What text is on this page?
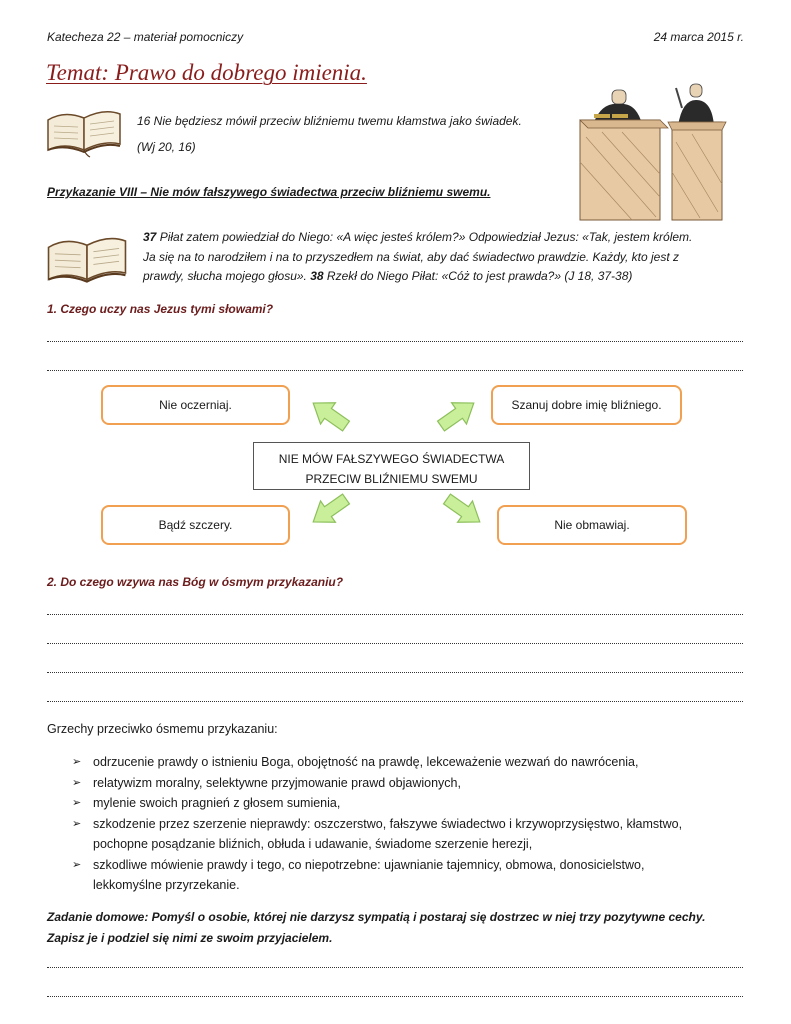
Katecheza 22 – materiał pomocniczy	24 marca 2015 r.
Temat: Prawo do dobrego imienia.
16 Nie będziesz mówił przeciw bliźniemu twemu kłamstwa jako świadek.
(Wj 20, 16)
Przykazanie VIII – Nie mów fałszywego świadectwa przeciw bliźniemu swemu.
37 Piłat zatem powiedział do Niego: «A więc jesteś królem?» Odpowiedział Jezus: «Tak, jestem królem.
Ja się na to narodziłem i na to przyszedłem na świat, aby dać świadectwo prawdzie. Każdy, kto jest z
prawdy, słucha mojego głosu». 38 Rzekł do Niego Piłat: «Cóż to jest prawda?» (J 18, 37-38)
1. Czego uczy nas Jezus tymi słowami?
Nie oczerniaj.	Szanuj dobre imię bliźniego.
Bądź szczery.	Nie obmawiaj.
NIE MÓW FAŁSZYWEGO ŚWIADECTWA
PRZECIW BLIŹNIEMU SWEMU
2. Do czego wzywa nas Bóg w ósmym przykazaniu?
Grzechy przeciwko ósmemu przykazaniu:
➢ odrzucenie prawdy o istnieniu Boga, obojętność na prawdę, lekceważenie wezwań do nawrócenia,
➢ relatywizm moralny, selektywne przyjmowanie prawd objawionych,
➢ mylenie swoich pragnień z głosem sumienia,
➢ szkodzenie przez szerzenie nieprawdy: oszczerstwo, fałszywe świadectwo i krzywoprzysięstwo, kłamstwo,
pochopne posądzanie bliźnich, obłuda i udawanie, świadome szerzenie herezji,
➢ szkodliwe mówienie prawdy i tego, co niepotrzebne: ujawnianie tajemnicy, obmowa, donosicielstwo,
lekkomyślne przyrzekanie.
Zadanie domowe: Pomyśl o osobie, której nie darzysz sympatią i postaraj się dostrzec w niej trzy pozytywne cechy.
Zapisz je i podziel się nimi ze swoim przyjacielem.
